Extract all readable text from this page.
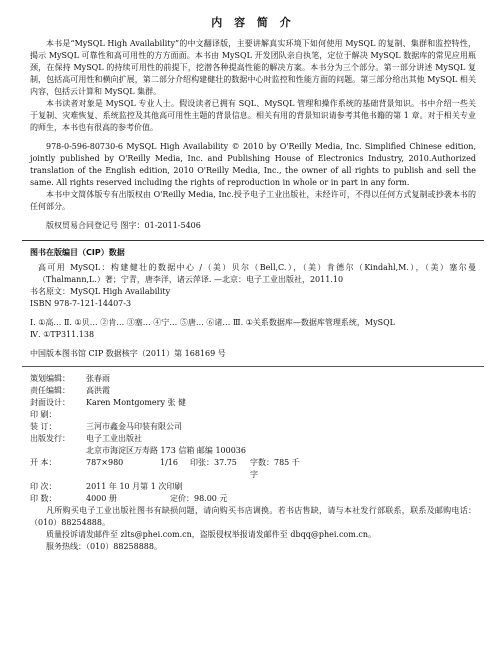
内 容 简 介

本书是“MySQL High Availability”的中文翻译版，主要讲解真实环境下如何使用 MySQL 的复制、集群和监控特性，揭示 MySQL 可靠性和高可用性的方方面面。本书由 MySQL 开发团队亲自执笔，定位于解决 MySQL 数据库的常见应用瓶颈，在保持 MySQL 的持续可用性的前提下，挖潜各种提高性能的解决方案。本书分为三个部分。第一部分讲述 MySQL 复制，包括高可用性和横向扩展，第二部分介绍构建健壮的数据中心时监控和性能方面的问题。第三部分给出其他 MySQL 相关内容，包括云计算和 MySQL 集群。

本书读者对象是 MySQL 专业人士。假设读者已拥有 SQL、MySQL 管理和操作系统的基础背景知识。书中介绍一些关于复制、灾难恢复、系统监控及其他高可用性主题的背景信息。相关有用的背景知识请参考其他书籍的第 1 章。对于相关专业的师生，本书也有很高的参考价值。

978-0-596-80730-6 MySQL High Availability © 2010 by O'Reilly Media, Inc. Simplified Chinese edition, jointly published by O'Reilly Media, Inc. and Publishing House of Electronics Industry, 2010.Authorized translation of the English edition, 2010 O'Reilly Media, Inc., the owner of all rights to publish and sell the same. All rights reserved including the rights of reproduction in whole or in part in any form.

本书中文简体版专有出版权由 O'Reilly Media, Inc.授予电子工业出版社，未经许可，不得以任何方式复制或抄袭本书的任何部分。

版权贸易合同登记号 图字：01-2011-5406

图书在版编目（CIP）数据

高可用 MySQL：构建健壮的数据中心 /（美）贝尔（Bell,C.），（美）肯德尔（Kindahl,M.），（美）塞尔曼（Thalmann,L.）著；宁青，唐李洋，诸云萍译. —北京：电子工业出版社，2011.10

书名原文：MySQL High Availability

ISBN 978-7-121-14407-3

Ⅰ. ①高… Ⅱ. ①贝… ②肯… ③塞… ④宁… ⑤唐… ⑥诸… Ⅲ. ①关系数据库—数据库管理系统，MySQL

Ⅳ. ①TP311.138

中国版本图书馆 CIP 数据核字（2011）第 168169 号

策划编辑：	张春雨
责任编辑：	高洪霞
封面设计：	Karen Montgomery 张 健
印 刷：
装 订：	三河市鑫金马印装有限公司
出版发行：	电子工业出版社
北京市海淀区万寿路 173 信箱 邮编 100036
开 本：	787×980	1/16	印张：37.75	字数：785 千字
印 次：	2011 年 10 月第 1 次印刷
印 数：	4000 册	定价：98.00 元

凡所购买电子工业出版社图书有缺损问题，请向购买书店调换。若书店售缺，请与本社发行部联系，联系及邮购电话：（010）88254888。

质量投诉请发邮件至 zlts@phei.com.cn，盗版侵权举报请发邮件至 dbqq@phei.com.cn。

服务热线：（010）88258888。
